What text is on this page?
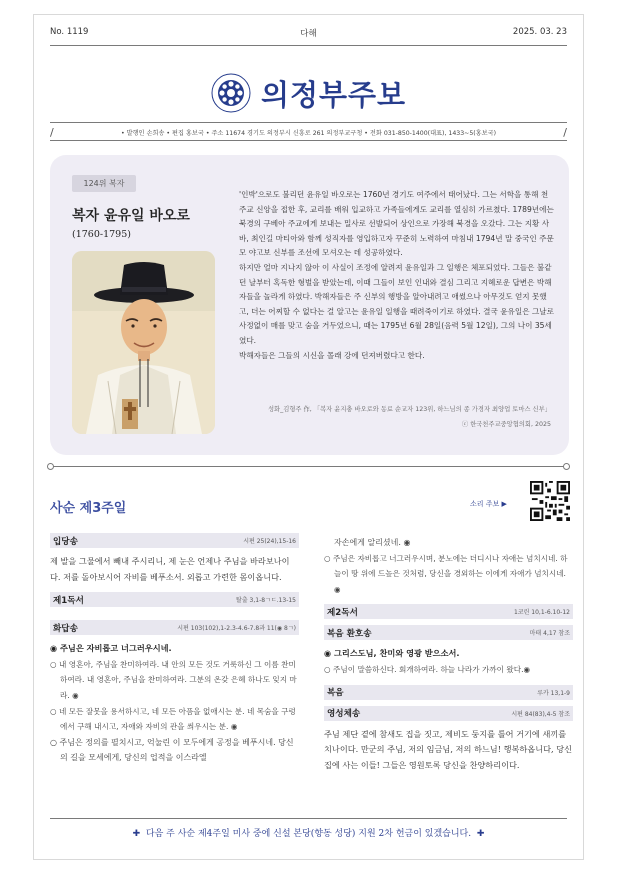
No. 1119	다해	2025. 03. 23
의정부주보
/	• 발행인 손희송 • 편집 홍보국 • 주소 11674 경기도 의정부시 신흥로 261 의정부교구청 • 전화 031-850-1400(대표), 1433~5(홍보국)	/
124위 복자
복자 윤유일 바오로
(1760-1795)

'인박'으로도 불리던 윤유일 바오로는 1760년 경기도 여주에서 태어났다. 그는 서학을 통해 천주교 신앙을 접한 후, 교리를 배워 입교하고 가족들에게도 교리를 열심히 가르쳤다. 1789년에는 북경의 구베아 주교에게 보내는 밀사로 선발되어 상인으로 가장해 북경을 오갔다. 그는 지황 사바, 최인길 마티아와 함께 성직자를 영입하고자 꾸준히 노력하여 마침내 1794년 말 중국인 주문모 야고보 신부를 조선에 모셔오는 데 성공하였다.

하지만 얼마 지나지 않아 이 사실이 조정에 알려져 윤유일과 그 일행은 체포되었다. 그들은 불같던 날부터 혹독한 형벌을 받았는데, 이때 그들이 보인 인내와 결심 그리고 지혜로운 답변은 박해자들을 놀라게 하였다. 박해자들은 주 신부의 행방을 알아내려고 애썼으나 아무것도 얻지 못했고, 더는 어찌할 수 없다는 걸 알고는 윤유일 일행을 때려죽이기로 하였다. 결국 윤유일은 그날로 사정없이 매를 맞고 숨을 거두었으니, 때는 1795년 6월 28일(음력 5월 12일), 그의 나이 35세였다.

박해자들은 그들의 시신을 몰래 강에 던져버렸다고 한다.

성화_김형주 作, 「복자 윤지충 바오로와 동료 순교자 123위, 하느님의 종 가경자 최양업 토마스 신부」
ⓒ 한국천주교중앙협의회, 2025
사순 제3주일	소리 주보 ▶
입당송	시편 25(24),15-16
제 발을 그물에서 빼내 주시리니, 제 눈은 언제나 주님을 바라보나이다. 저를 돌아보시어 자비를 베푸소서. 외롭고 가련한 몸이옵니다.
제1독서	탈출 3,1-8ㄱㄷ.13-15
화답송	시편 103(102),1-2.3-4.6-7.8과 11(◉ 8ㄱ)
◉ 주님은 자비롭고 너그러우시네.
○ 내 영혼아, 주님을 찬미하여라. 내 안의 모든 것도 거룩하신 그 이름 찬미하여라. 내 영혼아, 주님을 찬미하여라. 그분의 온갖 은혜 하나도 잊지 마라. ◉
○ 네 모든 잘못을 용서하시고, 네 모든 아픔을 없애시는 분. 네 목숨을 구렁에서 구해 내시고, 자애와 자비의 관을 씌우시는 분. ◉
○ 주님은 정의를 펼치시고, 억눌린 이 모두에게 공정을 베푸시네. 당신의 길을 모세에게, 당신의 업적을 이스라엘
자손에게 알리셨네. ◉
○ 주님은 자비롭고 너그러우시며, 분노에는 더디시나 자애는 넘치시네. 하늘이 땅 위에 드높은 것처럼, 당신을 경외하는 이에게 자애가 넘치시네. ◉
제2독서	1코린 10,1-6.10-12
복음 환호송	마태 4,17 참조
◉ 그리스도님, 찬미와 영광 받으소서.
○ 주님이 말씀하신다. 회개하여라. 하늘 나라가 가까이 왔다.◉
복음	루카 13,1-9
영성체송	시편 84(83),4-5 참조
주님 제단 곁에 참새도 집을 짓고, 제비도 둥지를 틀어 거기에 새끼를 치나이다. 만군의 주님, 저의 임금님, 저의 하느님! 행복하옵니다, 당신 집에 사는 이들! 그들은 영원토록 당신을 찬양하리이다.
✚ 다음 주 사순 제4주일 미사 중에 신설 본당(향동 성당) 지원 2차 헌금이 있겠습니다. ✚
